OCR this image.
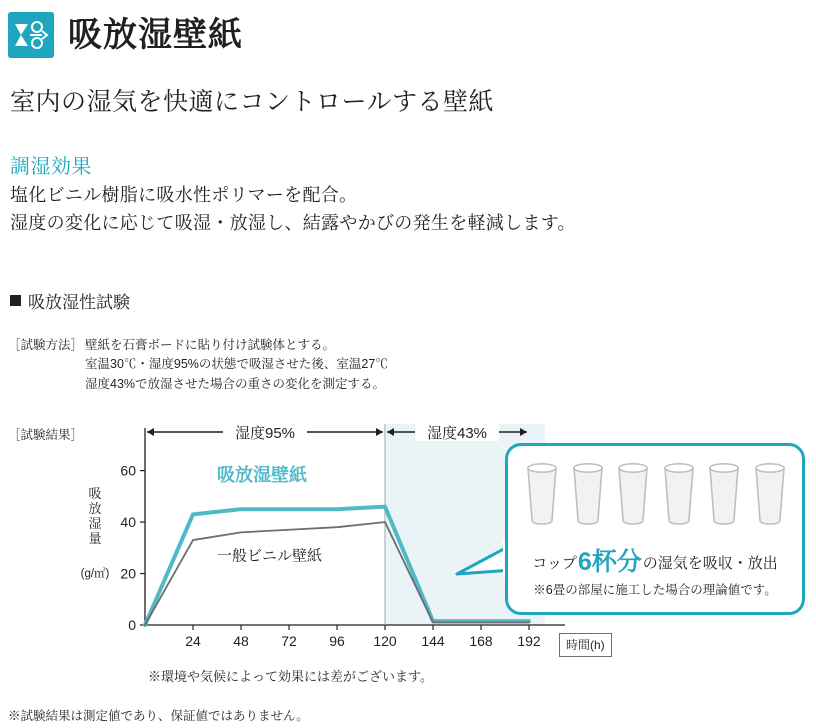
吸放湿壁紙
室内の湿気を快適にコントロールする壁紙
調湿効果
塩化ビニル樹脂に吸水性ポリマーを配合。
湿度の変化に応じて吸湿・放湿し、結露やかびの発生を軽減します。
吸放湿性試験
［試験方法］ 壁紙を石膏ボードに貼り付け試験体とする。
室温30℃・湿度95%の状態で吸湿させた後、室温27℃
湿度43%で放湿させた場合の重さの変化を測定する。
［試験結果］
吸
放
湿
量
(g/㎡)
湿度95%	湿度43%
0
20
40
60
24 48 72 96 120 144 168 192
吸放湿壁紙
一般ビニル壁紙
時間(h)
※環境や気候によって効果には差がございます。
※試験結果は測定値であり、保証値ではありません。
コップ6杯分の湿気を吸収・放出
※6畳の部屋に施工した場合の理論値です。
